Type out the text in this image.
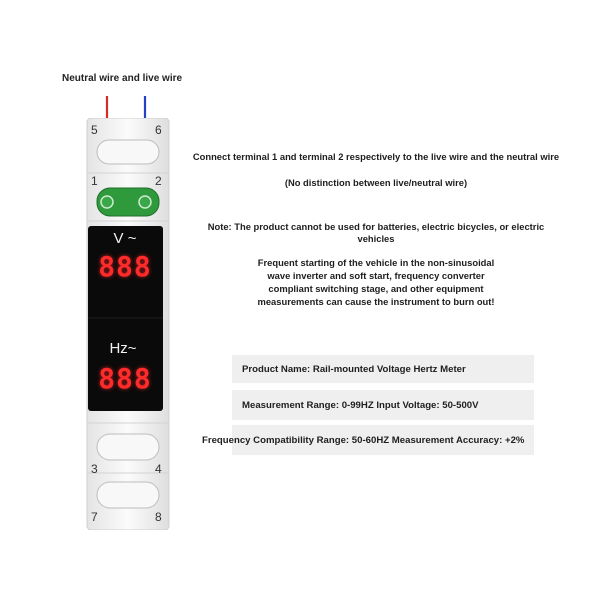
Neutral wire and live wire
5	6
1	2
3	4
7	8
V ~
888
Hz~
888
Connect terminal 1 and terminal 2 respectively to the live wire and the neutral wire
(No distinction between live/neutral wire)
Note: The product cannot be used for batteries, electric bicycles, or electric
vehicles
Frequent starting of the vehicle in the non-sinusoidal
wave inverter and soft start, frequency converter
compliant switching stage, and other equipment
measurements can cause the instrument to burn out!
Product Name: Rail-mounted Voltage Hertz Meter
Measurement Range: 0-99HZ Input Voltage: 50-500V
Frequency Compatibility Range: 50-60HZ Measurement Accuracy: +2%
